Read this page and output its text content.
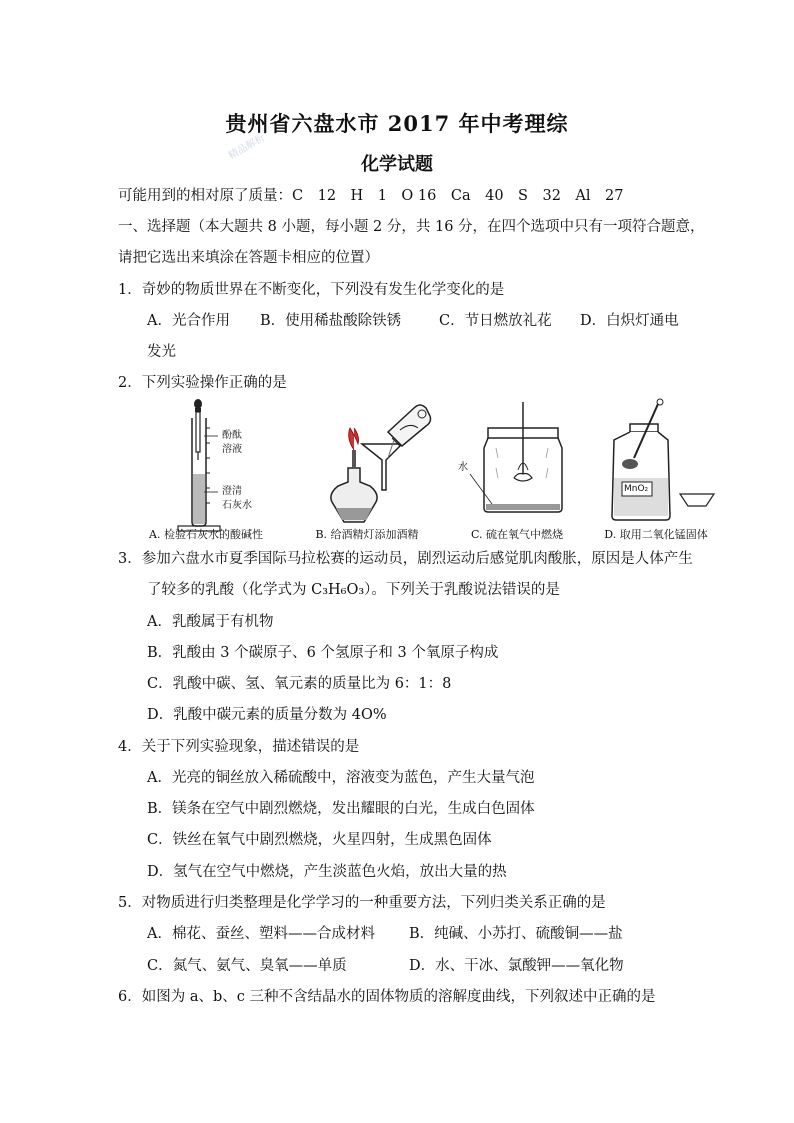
贵州省六盘水市 2017 年中考理综
精品解析
化学试题
可能用到的相对原了质量：C　12　H　1　O 16　Ca　40　S　32　Al　27
一、选择题（本大题共 8 小题，每小题 2 分，共 16 分，在四个选项中只有一项符合题意，
请把它选出来填涂在答题卡相应的位置）
1．奇妙的物质世界在不断变化，下列没有发生化学变化的是
A．光合作用 B．使用稀盐酸除铁锈	C．节日燃放礼花 D．白炽灯通电
发光
2．下列实验操作正确的是
酚酞
溶液
澄清
石灰水
A. 检验石灰水的酸碱性	B. 给酒精灯添加酒精
水
C. 硫在氧气中燃烧
MnO₂
D. 取用二氧化锰固体
3．参加六盘水市夏季国际马拉松赛的运动员，剧烈运动后感觉肌肉酸胀，原因是人体产生
了较多的乳酸（化学式为 C₃H₆O₃）。下列关于乳酸说法错误的是
A．乳酸属于有机物
B．乳酸由 3 个碳原子、6 个氢原子和 3 个氧原子构成
C．乳酸中碳、氢、氧元素的质量比为 6：1：8
D．乳酸中碳元素的质量分数为 4O%
4．关于下列实验现象，描述错误的是
A．光亮的铜丝放入稀硫酸中，溶液变为蓝色，产生大量气泡
B．镁条在空气中剧烈燃烧，发出耀眼的白光，生成白色固体
C．铁丝在氧气中剧烈燃烧，火星四射，生成黑色固体
D．氢气在空气中燃烧，产生淡蓝色火焰，放出大量的热
5．对物质进行归类整理是化学学习的一种重要方法，下列归类关系正确的是
A．棉花、蚕丝、塑料——合成材料 B．纯碱、小苏打、硫酸铜——盐
C．氮气、氨气、臭氧——单质	D．水、干冰、氯酸钾——氧化物
6．如图为 a、b、c 三种不含结晶水的固体物质的溶解度曲线，下列叙述中正确的是
